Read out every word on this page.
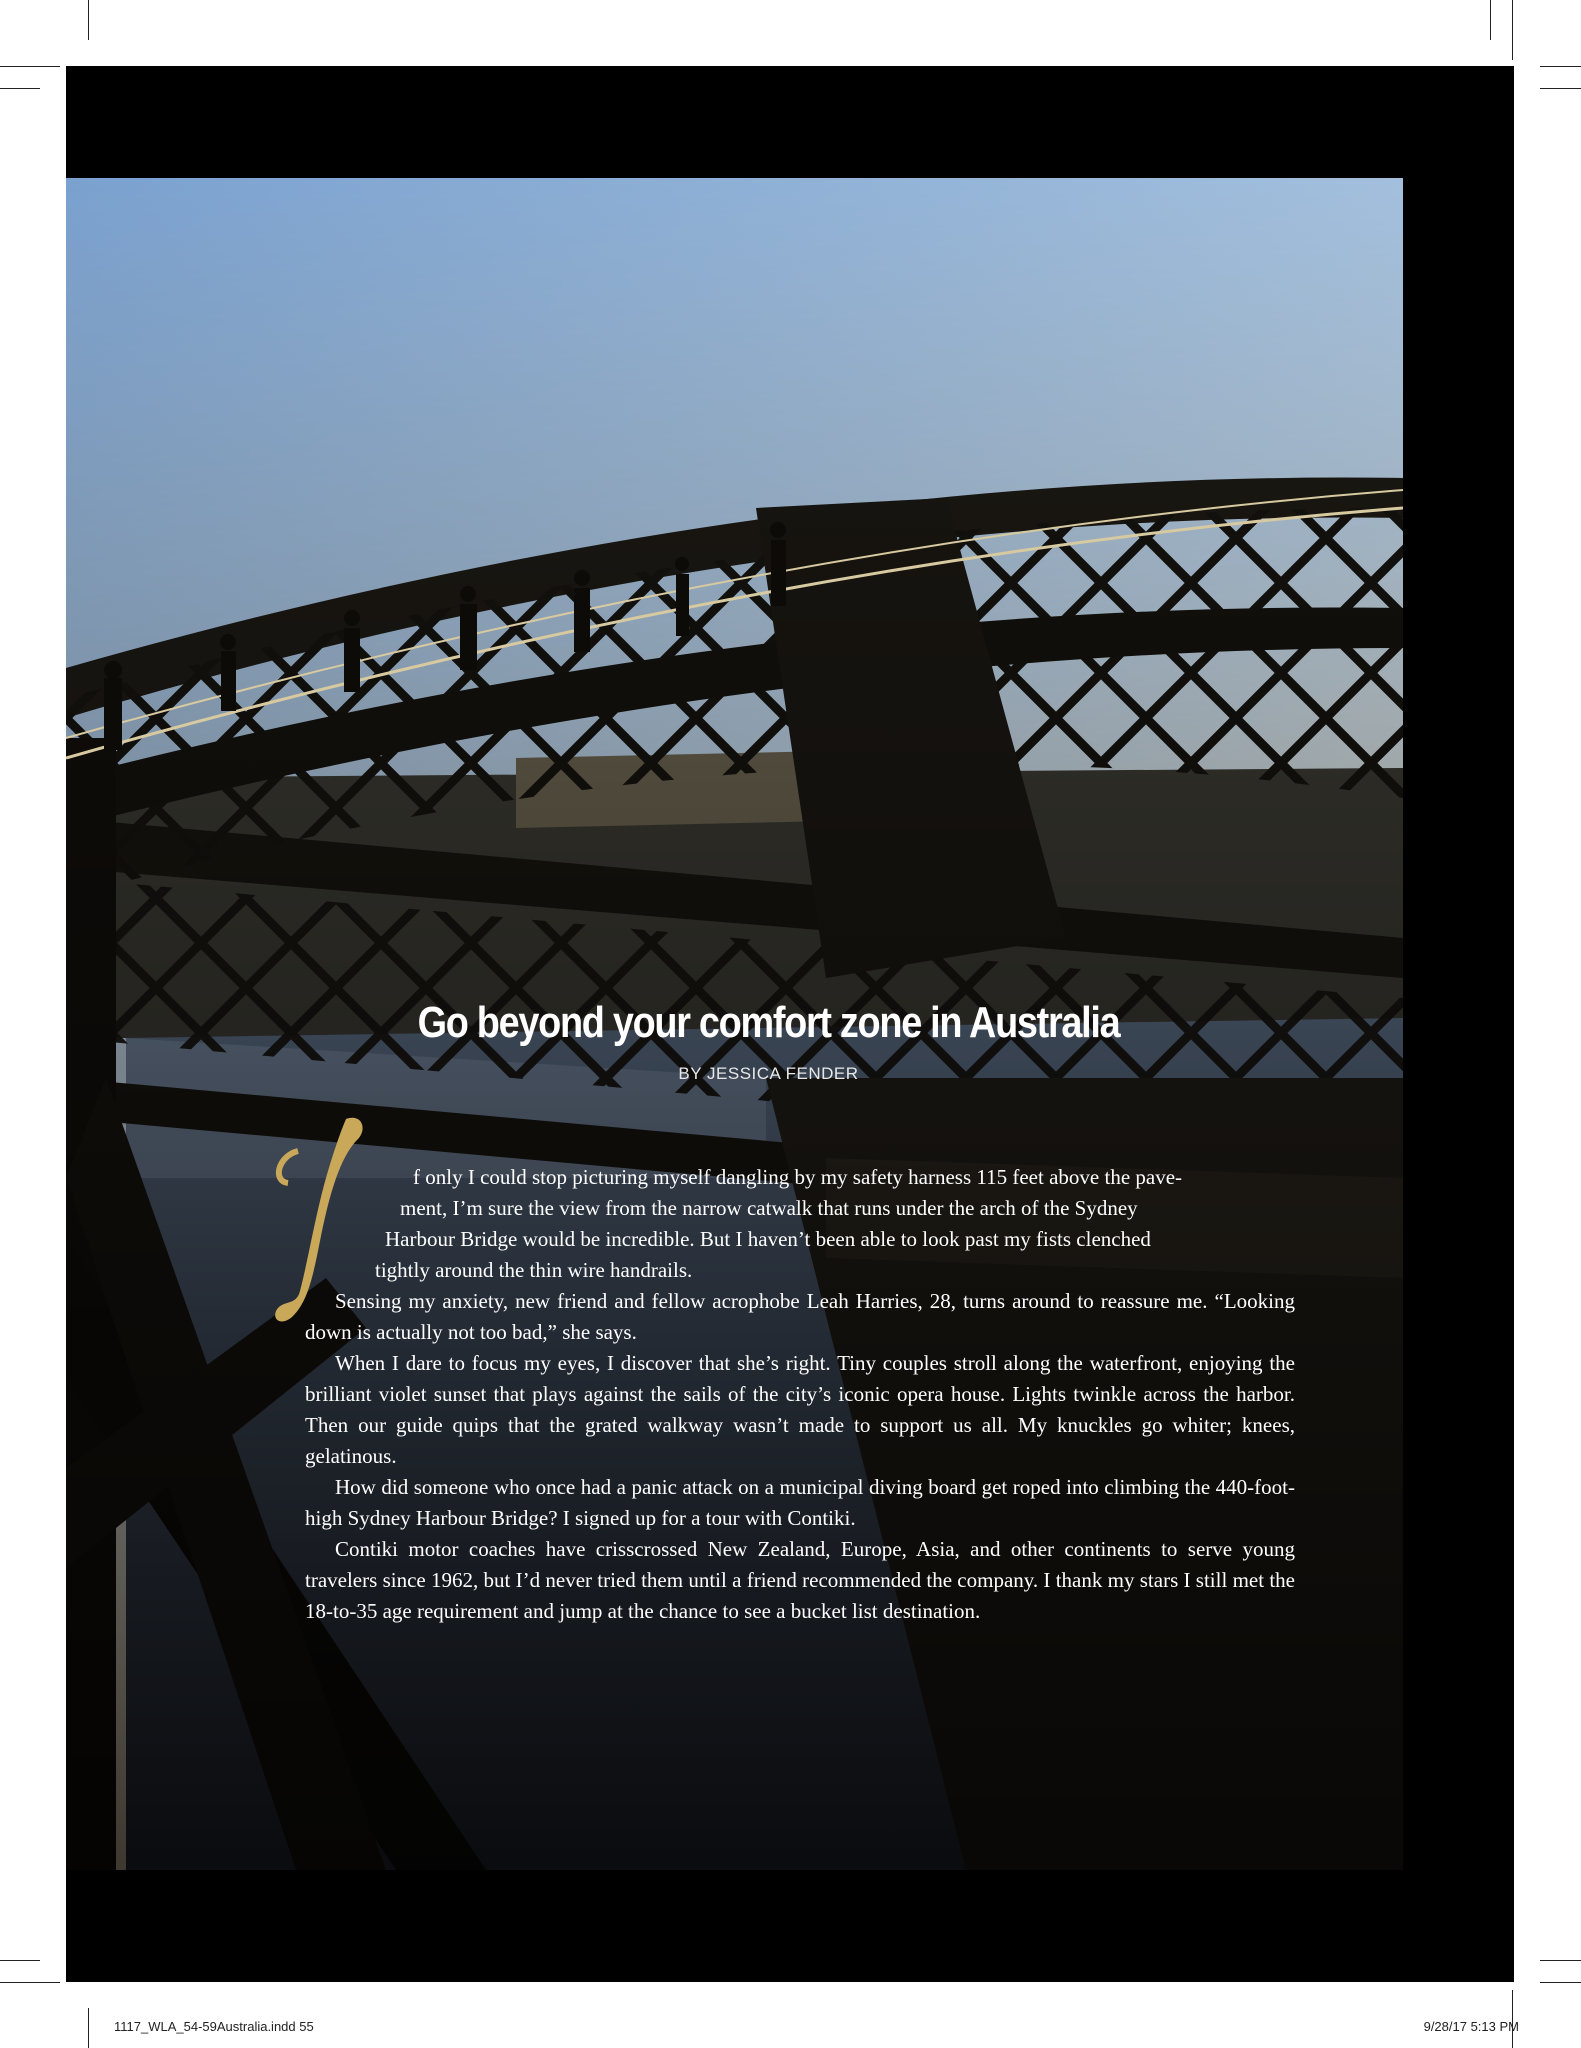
Go beyond your comfort zone in Australia
BY JESSICA FENDER

f only I could stop picturing myself dangling by my safety harness 115 feet above the pave-
ment, I’m sure the view from the narrow catwalk that runs under the arch of the Sydney
Harbour Bridge would be incredible. But I haven’t been able to look past my fists clenched
tightly around the thin wire handrails.

Sensing my anxiety, new friend and fellow acrophobe Leah Harries, 28, turns around to reassure me. “Looking down is actually not too bad,” she says.

When I dare to focus my eyes, I discover that she’s right. Tiny couples stroll along the waterfront, enjoying the brilliant violet sunset that plays against the sails of the city’s iconic opera house. Lights twinkle across the harbor. Then our guide quips that the grated walkway wasn’t made to support us all. My knuckles go whiter; knees, gelatinous.

How did someone who once had a panic attack on a municipal diving board get roped into climbing the 440-foot-high Sydney Harbour Bridge? I signed up for a tour with Contiki.

Contiki motor coaches have crisscrossed New Zealand, Europe, Asia, and other continents to serve young travelers since 1962, but I’d never tried them until a friend recommended the company. I thank my stars I still met the 18-to-35 age requirement and jump at the chance to see a bucket list destination.

1117_WLA_54-59Australia.indd 55	9/28/17 5:13 PM
